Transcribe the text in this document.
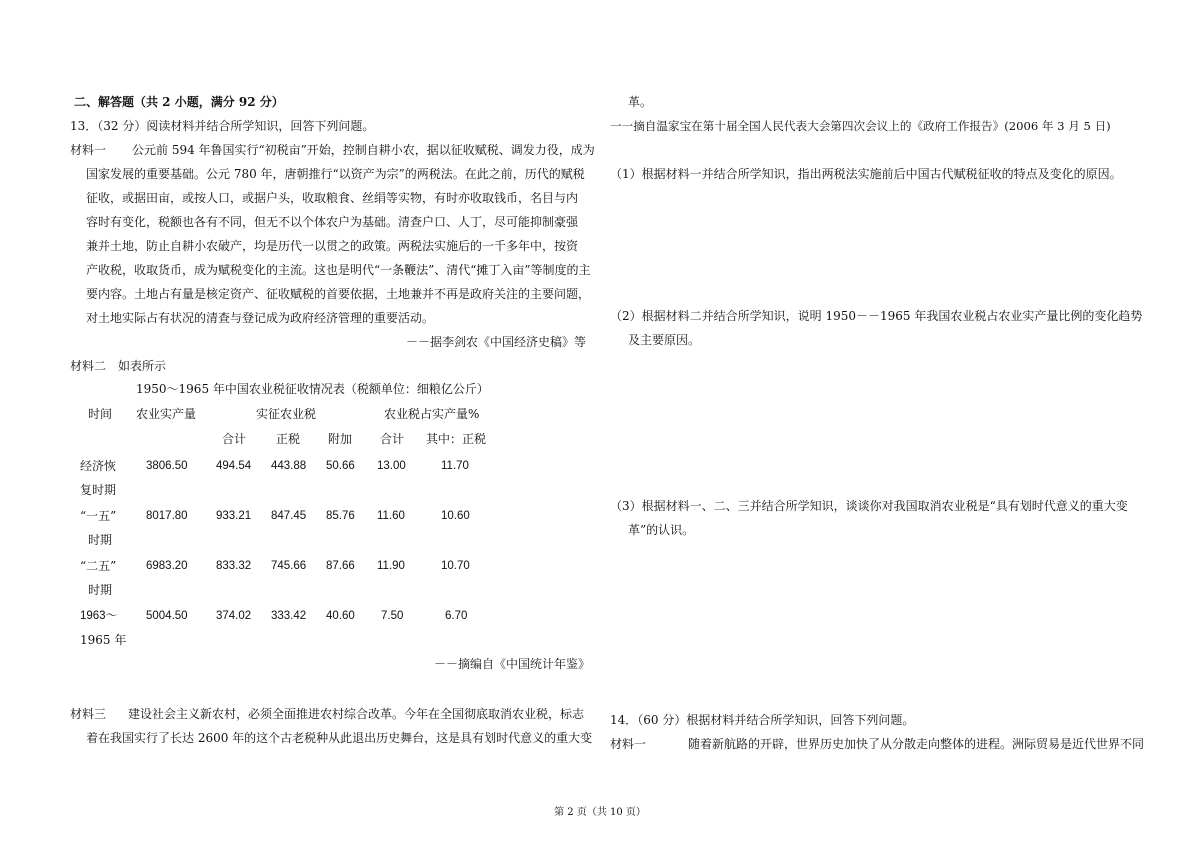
二、解答题（共 2 小题，满分 92 分）
13．（32 分）阅读材料并结合所学知识，回答下列问题。
材料一 公元前 594 年鲁国实行“初税亩”开始，控制自耕小农，据以征收赋税、调发力役，成为
国家发展的重要基础。公元 780 年，唐朝推行“以资产为宗”的两税法。在此之前，历代的赋税
征收，或据田亩，或按人口，或据户头，收取粮食、丝绢等实物，有时亦收取钱币，名目与内
容时有变化，税额也各有不同，但无不以个体农户为基础。清查户口、人丁，尽可能抑制豪强
兼并土地，防止自耕小农破产，均是历代一以贯之的政策。两税法实施后的一千多年中，按资
产收税，收取货币，成为赋税变化的主流。这也是明代“一条鞭法”、清代“摊丁入亩”等制度的主
要内容。土地占有量是核定资产、征收赋税的首要依据，土地兼并不再是政府关注的主要问题，
对土地实际占有状况的清查与登记成为政府经济管理的重要活动。
－－据李剑农《中国经济史稿》等
材料二　如表所示
1950～1965 年中国农业税征收情况表（税额单位：细粮亿公斤）
时间 农业实产量	实征农业税	农业税占实产量%
合计 正税 附加 合计 其中：正税
经济恢
复时期
3806.50 494.54 443.88 50.66 13.00	11.70
“一五”
时期
8017.80 933.21 847.45 85.76 11.60	10.60
“二五”
时期
6983.20 833.32 745.66 87.66 11.90	10.70
1963～
1965 年
5004.50 374.02 333.42 40.60 7.50	6.70
－－摘编自《中国统计年鉴》
材料三 建设社会主义新农村，必须全面推进农村综合改革。今年在全国彻底取消农业税，标志
着在我国实行了长达 2600 年的这个古老税种从此退出历史舞台，这是具有划时代意义的重大变
革。
一一摘自温家宝在第十届全国人民代表大会第四次会议上的《政府工作报告》(2006 年 3 月 5 日)
（1）根据材料一并结合所学知识，指出两税法实施前后中国古代赋税征收的特点及变化的原因。
（2）根据材料二并结合所学知识，说明 1950－－1965 年我国农业税占农业实产量比例的变化趋势
及主要原因。
（3）根据材料一、二、三并结合所学知识，谈谈你对我国取消农业税是“具有划时代意义的重大变
革”的认识。
14．（60 分）根据材料并结合所学知识，回答下列问题。
材料一	随着新航路的开辟，世界历史加快了从分散走向整体的进程。洲际贸易是近代世界不同
第 2 页（共 10 页）
